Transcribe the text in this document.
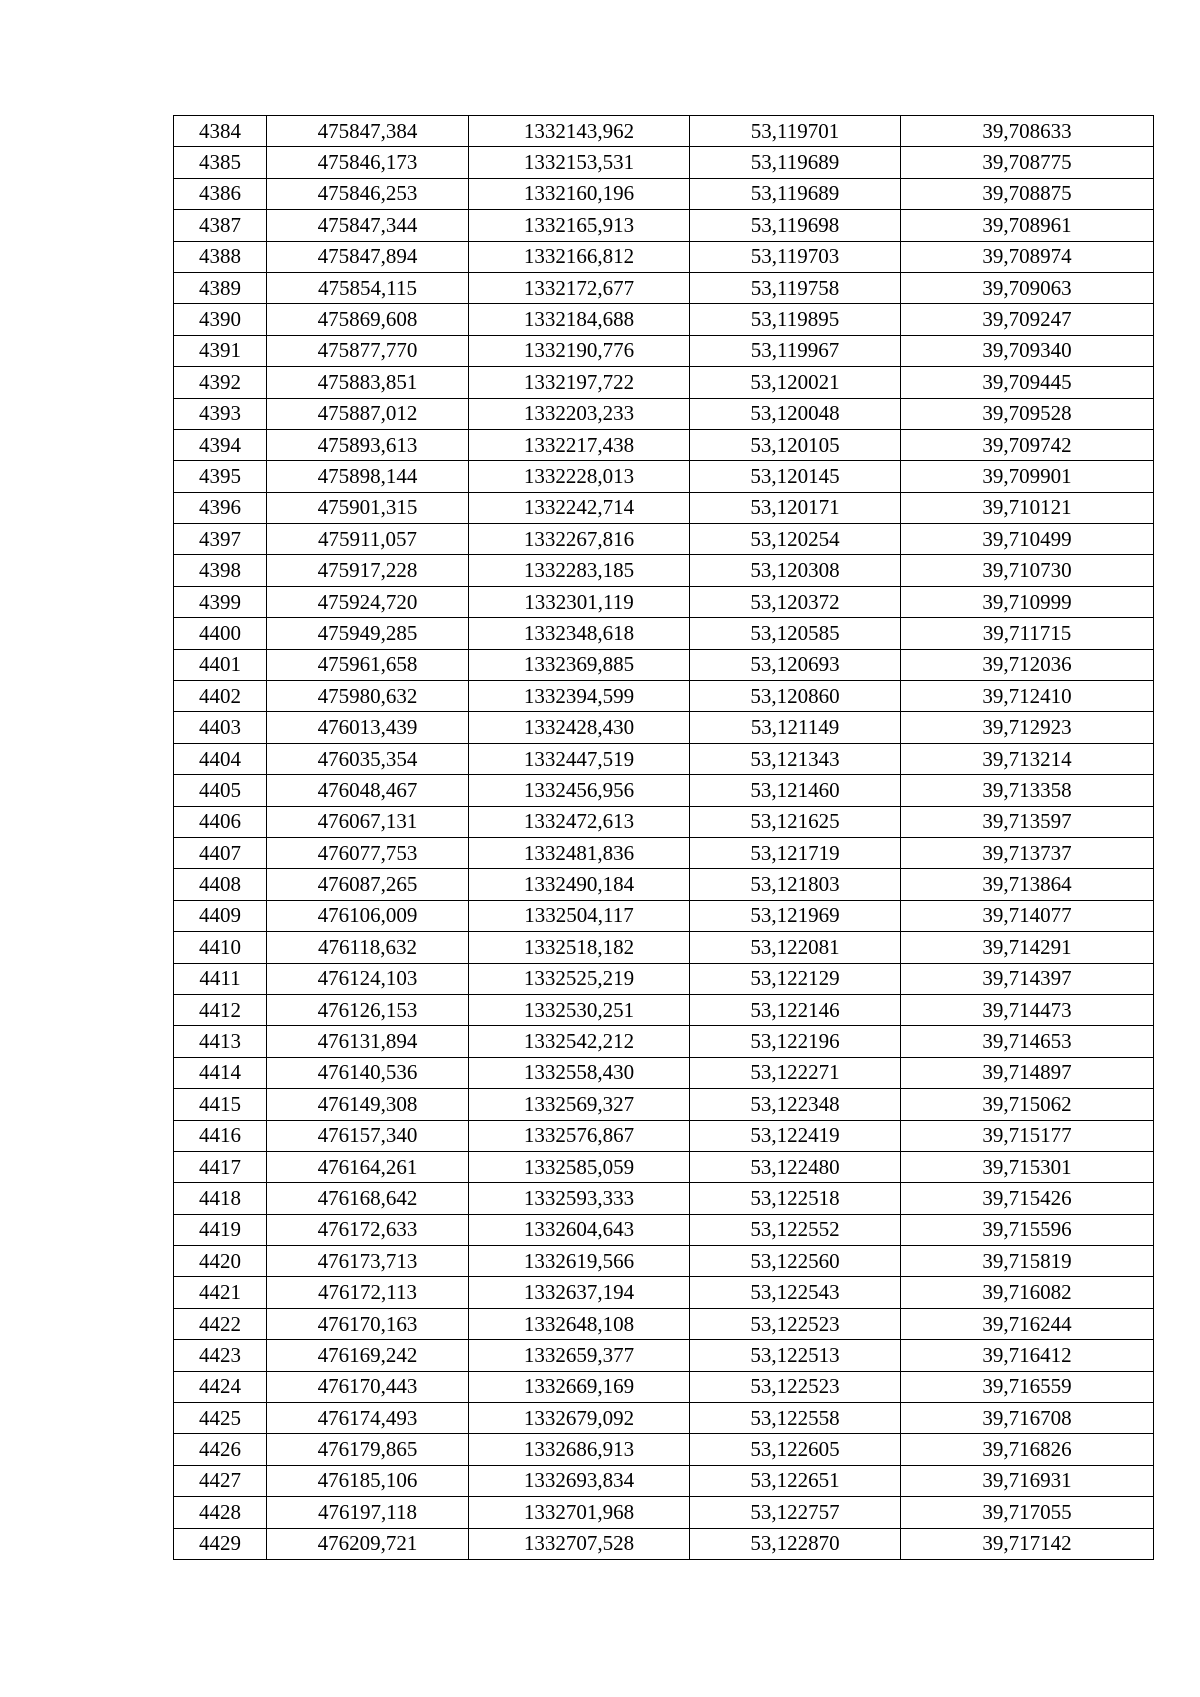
4384	475847,384	1332143,962	53,119701	39,708633
4385	475846,173	1332153,531	53,119689	39,708775
4386	475846,253	1332160,196	53,119689	39,708875
4387	475847,344	1332165,913	53,119698	39,708961
4388	475847,894	1332166,812	53,119703	39,708974
4389	475854,115	1332172,677	53,119758	39,709063
4390	475869,608	1332184,688	53,119895	39,709247
4391	475877,770	1332190,776	53,119967	39,709340
4392	475883,851	1332197,722	53,120021	39,709445
4393	475887,012	1332203,233	53,120048	39,709528
4394	475893,613	1332217,438	53,120105	39,709742
4395	475898,144	1332228,013	53,120145	39,709901
4396	475901,315	1332242,714	53,120171	39,710121
4397	475911,057	1332267,816	53,120254	39,710499
4398	475917,228	1332283,185	53,120308	39,710730
4399	475924,720	1332301,119	53,120372	39,710999
4400	475949,285	1332348,618	53,120585	39,711715
4401	475961,658	1332369,885	53,120693	39,712036
4402	475980,632	1332394,599	53,120860	39,712410
4403	476013,439	1332428,430	53,121149	39,712923
4404	476035,354	1332447,519	53,121343	39,713214
4405	476048,467	1332456,956	53,121460	39,713358
4406	476067,131	1332472,613	53,121625	39,713597
4407	476077,753	1332481,836	53,121719	39,713737
4408	476087,265	1332490,184	53,121803	39,713864
4409	476106,009	1332504,117	53,121969	39,714077
4410	476118,632	1332518,182	53,122081	39,714291
4411	476124,103	1332525,219	53,122129	39,714397
4412	476126,153	1332530,251	53,122146	39,714473
4413	476131,894	1332542,212	53,122196	39,714653
4414	476140,536	1332558,430	53,122271	39,714897
4415	476149,308	1332569,327	53,122348	39,715062
4416	476157,340	1332576,867	53,122419	39,715177
4417	476164,261	1332585,059	53,122480	39,715301
4418	476168,642	1332593,333	53,122518	39,715426
4419	476172,633	1332604,643	53,122552	39,715596
4420	476173,713	1332619,566	53,122560	39,715819
4421	476172,113	1332637,194	53,122543	39,716082
4422	476170,163	1332648,108	53,122523	39,716244
4423	476169,242	1332659,377	53,122513	39,716412
4424	476170,443	1332669,169	53,122523	39,716559
4425	476174,493	1332679,092	53,122558	39,716708
4426	476179,865	1332686,913	53,122605	39,716826
4427	476185,106	1332693,834	53,122651	39,716931
4428	476197,118	1332701,968	53,122757	39,717055
4429	476209,721	1332707,528	53,122870	39,717142
